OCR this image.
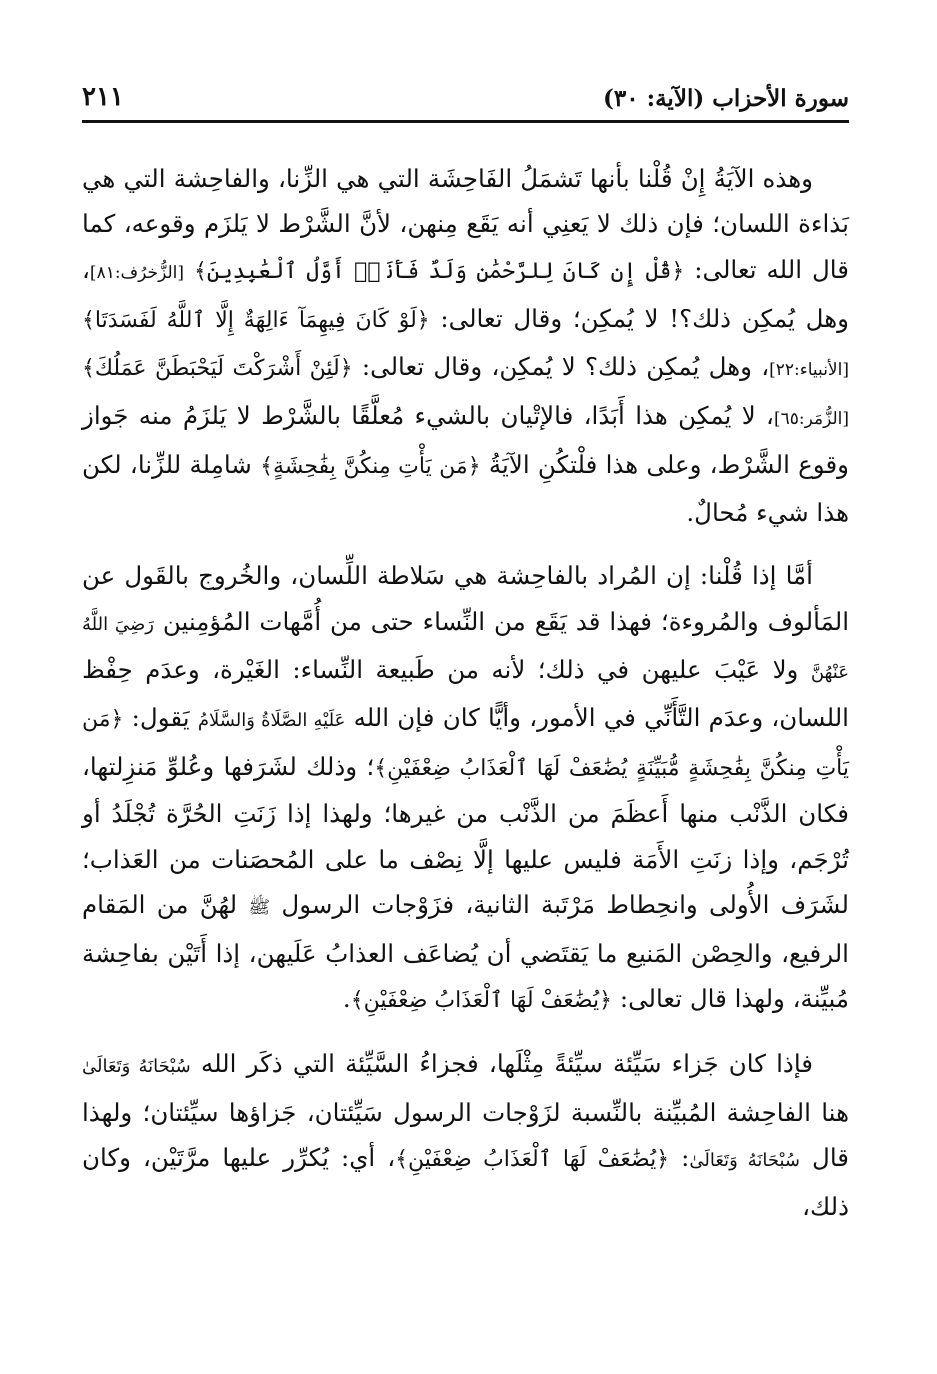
سورة الأحزاب (الآية: ٣٠)
٢١١

وهذه الآيَةُ إِنْ قُلْنا بأنها تَشمَلُ الفَاحِشَة التي هي الزِّنا، والفاحِشة التي هي بَذاءة اللسان؛ فإن ذلك لا يَعنِي أنه يَقَع مِنهن، لأنَّ الشَّرْط لا يَلزَم وقوعه، كما قال الله تعالى: ﴿قُلْ إِن كَانَ لِلرَّحْمَٰنِ وَلَدٌ فَأَنَا۠ أَوَّلُ ٱلْعَٰبِدِينَ﴾ [الزُّخرُف:٨١]، وهل يُمكِن ذلك؟! لا يُمكِن؛ وقال تعالى: ﴿لَوْ كَانَ فِيهِمَآ ءَالِهَةٌ إِلَّا ٱللَّهُ لَفَسَدَتَا﴾ [الأنبياء:٢٢]، وهل يُمكِن ذلك؟ لا يُمكِن، وقال تعالى: ﴿لَئِنْ أَشْرَكْتَ لَيَحْبَطَنَّ عَمَلُكَ﴾ [الزُّمَر:٦٥]، لا يُمكِن هذا أَبَدًا، فالإتْيان بالشيء مُعلَّقًا بالشَّرْط لا يَلزَمُ منه جَواز وقوع الشَّرْط، وعلى هذا فلْتكُنِ الآيَةُ ﴿مَن يَأْتِ مِنكُنَّ بِفَٰحِشَةٍ﴾ شامِلة للزِّنا، لكن هذا شيء مُحالٌ.

أمَّا إذا قُلْنا: إن المُراد بالفاحِشة هي سَلاطة اللِّسان، والخُروج بالقَول عن المَألوف والمُروءة؛ فهذا قد يَقَع من النِّساء حتى من أُمَّهات المُؤمِنين رَضِيَ اللَّهُ عَنْهُنَّ ولا عَيْبَ عليهن في ذلك؛ لأنه من طَبيعة النِّساء: الغَيْرة، وعدَم حِفْظ اللسان، وعدَم التَّأَنِّي في الأمور، وأيًّا كان فإن الله عَلَيْهِ الصَّلَاةُ وَالسَّلَامُ يَقول: ﴿مَن يَأْتِ مِنكُنَّ بِفَٰحِشَةٍ مُّبَيِّنَةٍ يُضَٰعَفْ لَهَا ٱلْعَذَابُ ضِعْفَيْنِ﴾؛ وذلك لشَرَفها وعُلوِّ مَنزِلتها، فكان الذَّنْب منها أَعظَمَ من الذَّنْب من غيرها؛ ولهذا إذا زَنَتِ الحُرَّة تُجْلَدُ أو تُرْجَم، وإذا زنَتِ الأَمَة فليس عليها إلَّا نِصْف ما على المُحصَنات من العَذاب؛ لشَرَف الأُولى وانحِطاط مَرْتَبة الثانية، فزَوْجات الرسول ﷺ لهُنَّ من المَقام الرفيع، والحِصْن المَنيع ما يَقتَضي أن يُضاعَف العذابُ عَلَيهن، إذا أَتَيْن بفاحِشة مُبيِّنة، ولهذا قال تعالى: ﴿يُضَٰعَفْ لَهَا ٱلْعَذَابُ ضِعْفَيْنِ﴾.

فإذا كان جَزاء سَيِّئة سيِّئةً مِثْلَها، فجزاءُ السَّيِّئة التي ذكَر الله سُبْحَانَهُ وَتَعَالَىٰ هنا الفاحِشة المُبيِّنة بالنِّسبة لزَوْجات الرسول سَيِّئتان، جَزاؤها سيِّئتان؛ ولهذا قال سُبْحَانَهُ وَتَعَالَىٰ: ﴿يُضَٰعَفْ لَهَا ٱلْعَذَابُ ضِعْفَيْنِ﴾، أي: يُكرِّر عليها مرَّتَيْن، وكان ذلك،
